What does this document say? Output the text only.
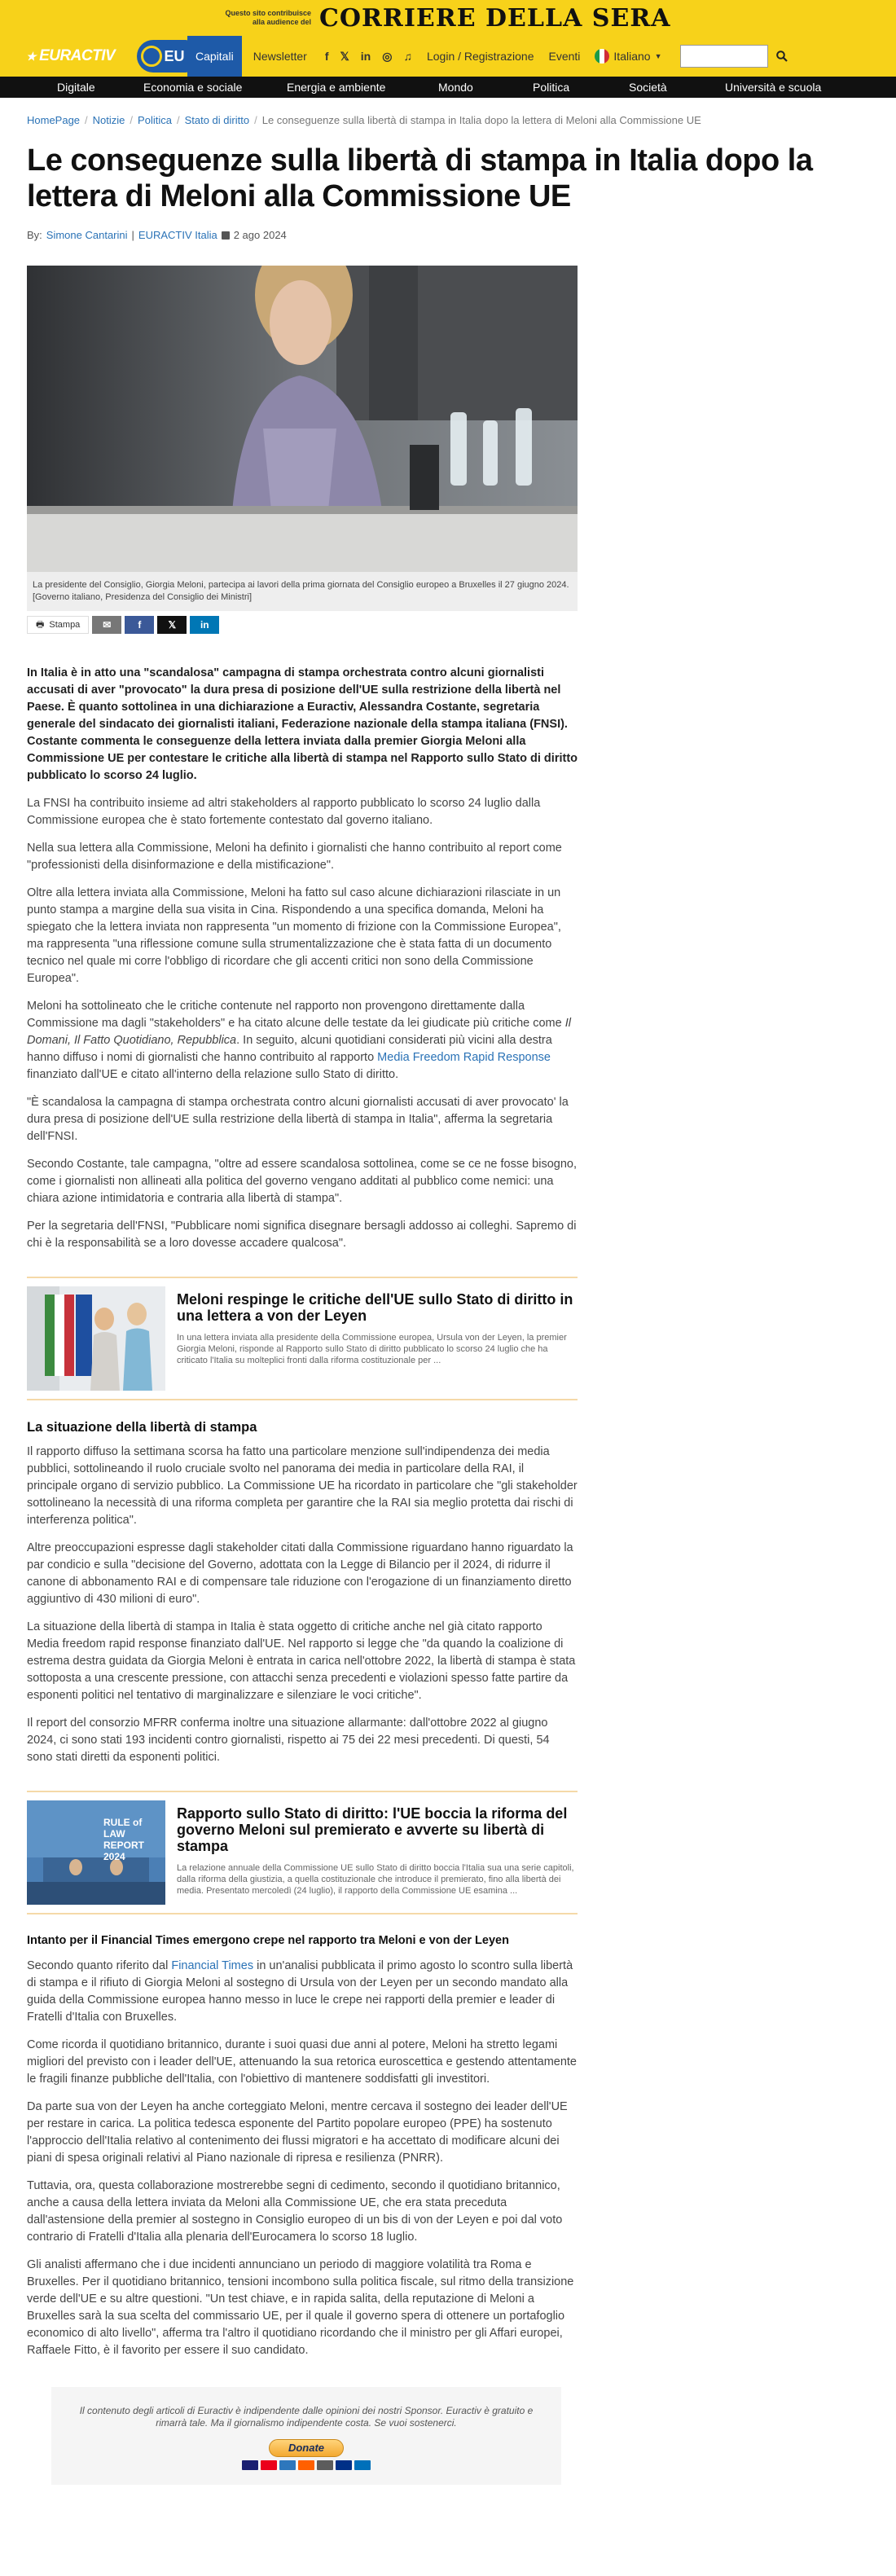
Questo sito contribuisce
alla audience del CORRIERE DELLA SERA
★ EURACTIV	EU Capitali	Newsletter f 𝕏 in ◎ ♫ Login / Registrazione Eventi	Italiano ▼
Digitale	Economia e sociale	Energia e ambiente	Mondo	Politica	Società	Università e scuola
HomePage / Notizie / Politica / Stato di diritto / Le conseguenze sulla libertà di stampa in Italia dopo la lettera di Meloni alla Commissione UE
Le conseguenze sulla libertà di stampa in Italia dopo la lettera di Meloni alla Commissione UE
By: Simone Cantarini | EURACTIV Italia 2 ago 2024
La presidente del Consiglio, Giorgia Meloni, partecipa ai lavori della prima giornata del Consiglio europeo a Bruxelles il 27 giugno 2024. [Governo italiano, Presidenza del Consiglio dei Ministri]
🖶 Stampa ✉	f	𝕏 in
In Italia è in atto una "scandalosa" campagna di stampa orchestrata contro alcuni giornalisti accusati di aver "provocato" la dura presa di posizione dell'UE sulla restrizione della libertà nel Paese. È quanto sottolinea in una dichiarazione a Euractiv, Alessandra Costante, segretaria generale del sindacato dei giornalisti italiani, Federazione nazionale della stampa italiana (FNSI). Costante commenta le conseguenze della lettera inviata dalla premier Giorgia Meloni alla Commissione UE per contestare le critiche alla libertà di stampa nel Rapporto sullo Stato di diritto pubblicato lo scorso 24 luglio.

La FNSI ha contribuito insieme ad altri stakeholders al rapporto pubblicato lo scorso 24 luglio dalla Commissione europea che è stato fortemente contestato dal governo italiano.

Nella sua lettera alla Commissione, Meloni ha definito i giornalisti che hanno contribuito al report come "professionisti della disinformazione e della mistificazione".

Oltre alla lettera inviata alla Commissione, Meloni ha fatto sul caso alcune dichiarazioni rilasciate in un punto stampa a margine della sua visita in Cina. Rispondendo a una specifica domanda, Meloni ha spiegato che la lettera inviata non rappresenta "un momento di frizione con la Commissione Europea", ma rappresenta "una riflessione comune sulla strumentalizzazione che è stata fatta di un documento tecnico nel quale mi corre l'obbligo di ricordare che gli accenti critici non sono della Commissione Europea".

Meloni ha sottolineato che le critiche contenute nel rapporto non provengono direttamente dalla Commissione ma dagli "stakeholders" e ha citato alcune delle testate da lei giudicate più critiche come Il Domani, Il Fatto Quotidiano, Repubblica. In seguito, alcuni quotidiani considerati più vicini alla destra hanno diffuso i nomi di giornalisti che hanno contribuito al rapporto Media Freedom Rapid Response finanziato dall'UE e citato all'interno della relazione sullo Stato di diritto.

"È scandalosa la campagna di stampa orchestrata contro alcuni giornalisti accusati di aver provocato' la dura presa di posizione dell'UE sulla restrizione della libertà di stampa in Italia", afferma la segretaria dell'FNSI.

Secondo Costante, tale campagna, "oltre ad essere scandalosa sottolinea, come se ce ne fosse bisogno, come i giornalisti non allineati alla politica del governo vengano additati al pubblico come nemici: una chiara azione intimidatoria e contraria alla libertà di stampa".

Per la segretaria dell'FNSI, "Pubblicare nomi significa disegnare bersagli addosso ai colleghi. Sapremo di chi è la responsabilità se a loro dovesse accadere qualcosa".

Meloni respinge le critiche dell'UE sullo Stato di diritto in una lettera a von der Leyen
In una lettera inviata alla presidente della Commissione europea, Ursula von der Leyen, la premier Giorgia Meloni, risponde al Rapporto sullo Stato di diritto pubblicato lo scorso 24 luglio che ha criticato l'Italia su molteplici fronti dalla riforma costituzionale per ...
La situazione della libertà di stampa

Il rapporto diffuso la settimana scorsa ha fatto una particolare menzione sull'indipendenza dei media pubblici, sottolineando il ruolo cruciale svolto nel panorama dei media in particolare della RAI, il principale organo di servizio pubblico. La Commissione UE ha ricordato in particolare che "gli stakeholder sottolineano la necessità di una riforma completa per garantire che la RAI sia meglio protetta dai rischi di interferenza politica".

Altre preoccupazioni espresse dagli stakeholder citati dalla Commissione riguardano hanno riguardato la par condicio e sulla "decisione del Governo, adottata con la Legge di Bilancio per il 2024, di ridurre il canone di abbonamento RAI e di compensare tale riduzione con l'erogazione di un finanziamento diretto aggiuntivo di 430 milioni di euro".

La situazione della libertà di stampa in Italia è stata oggetto di critiche anche nel già citato rapporto Media freedom rapid response finanziato dall'UE. Nel rapporto si legge che "da quando la coalizione di estrema destra guidata da Giorgia Meloni è entrata in carica nell'ottobre 2022, la libertà di stampa è stata sottoposta a una crescente pressione, con attacchi senza precedenti e violazioni spesso fatte partire da esponenti politici nel tentativo di marginalizzare e silenziare le voci critiche".

Il report del consorzio MFRR conferma inoltre una situazione allarmante: dall'ottobre 2022 al giugno 2024, ci sono stati 193 incidenti contro giornalisti, rispetto ai 75 dei 22 mesi precedenti. Di questi, 54 sono stati diretti da esponenti politici.

RULE of LAW REPORT 2024
Rapporto sullo Stato di diritto: l'UE boccia la riforma del governo Meloni sul premierato e avverte su libertà di stampa
La relazione annuale della Commissione UE sullo Stato di diritto boccia l'Italia sua una serie capitoli, dalla riforma della giustizia, a quella costituzionale che introduce il premierato, fino alla libertà dei media. Presentato mercoledì (24 luglio), il rapporto della Commissione UE esamina ...
Intanto per il Financial Times emergono crepe nel rapporto tra Meloni e von der Leyen

Secondo quanto riferito dal Financial Times in un'analisi pubblicata il primo agosto lo scontro sulla libertà di stampa e il rifiuto di Giorgia Meloni al sostegno di Ursula von der Leyen per un secondo mandato alla guida della Commissione europea hanno messo in luce le crepe nei rapporti della premier e leader di Fratelli d'Italia con Bruxelles.

Come ricorda il quotidiano britannico, durante i suoi quasi due anni al potere, Meloni ha stretto legami migliori del previsto con i leader dell'UE, attenuando la sua retorica euroscettica e gestendo attentamente le fragili finanze pubbliche dell'Italia, con l'obiettivo di mantenere soddisfatti gli investitori.

Da parte sua von der Leyen ha anche corteggiato Meloni, mentre cercava il sostegno dei leader dell'UE per restare in carica. La politica tedesca esponente del Partito popolare europeo (PPE) ha sostenuto l'approccio dell'Italia relativo al contenimento dei flussi migratori e ha accettato di modificare alcuni dei piani di spesa originali relativi al Piano nazionale di ripresa e resilienza (PNRR).

Tuttavia, ora, questa collaborazione mostrerebbe segni di cedimento, secondo il quotidiano britannico, anche a causa della lettera inviata da Meloni alla Commissione UE, che era stata preceduta dall'astensione della premier al sostegno in Consiglio europeo di un bis di von der Leyen e poi dal voto contrario di Fratelli d'Italia alla plenaria dell'Eurocamera lo scorso 18 luglio.

Gli analisti affermano che i due incidenti annunciano un periodo di maggiore volatilità tra Roma e Bruxelles. Per il quotidiano britannico, tensioni incombono sulla politica fiscale, sul ritmo della transizione verde dell'UE e su altre questioni. "Un test chiave, e in rapida salita, della reputazione di Meloni a Bruxelles sarà la sua scelta del commissario UE, per il quale il governo spera di ottenere un portafoglio economico di alto livello", afferma tra l'altro il quotidiano ricordando che il ministro per gli Affari europei, Raffaele Fitto, è il favorito per essere il suo candidato.

Il contenuto degli articoli di Euractiv è indipendente dalle opinioni dei nostri Sponsor. Euractiv è gratuito e rimarrà tale. Ma il giornalismo indipendente costa. Se vuoi sostenerci.
Donate
